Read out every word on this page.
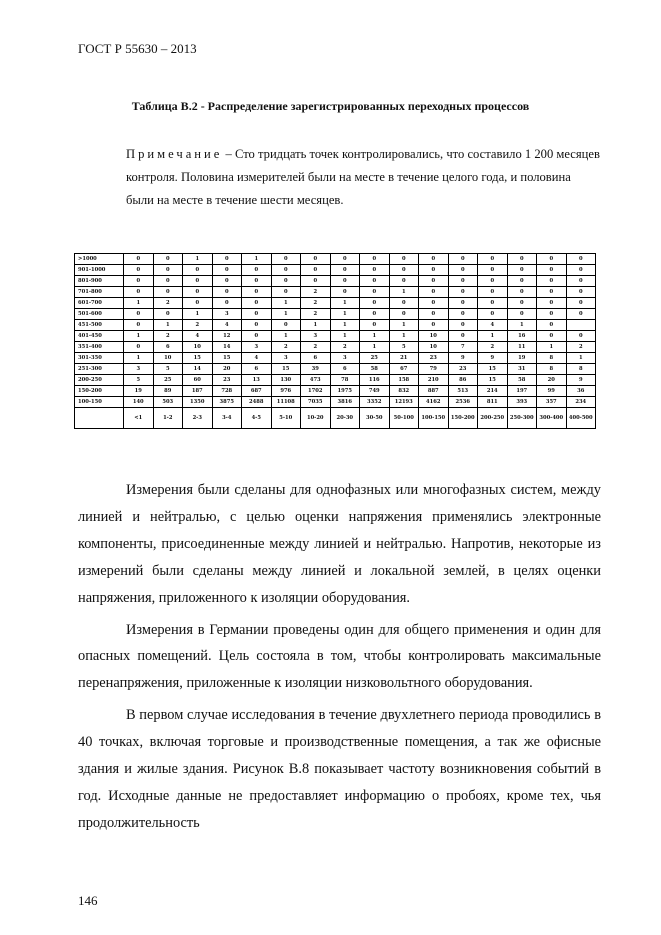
ГОСТ Р 55630 – 2013
Таблица В.2 - Распределение зарегистрированных переходных процессов
Примечание – Сто тридцать точек контролировались, что составило 1 200 месяцев контроля. Половина измерителей были на месте в течение целого года, и половина были на месте в течение шести месяцев.
>1000	0	0	1	0	1	0	0	0	0	0	0	0	0	0	0	0
901-1000	0	0	0	0	0	0	0	0	0	0	0	0	0	0	0	0
801-900	0	0	0	0	0	0	0	0	0	0	0	0	0	0	0	0
701-800	0	0	0	0	0	0	2	0	0	1	0	0	0	0	0	0
601-700	1	2	0	0	0	1	2	1	0	0	0	0	0	0	0	0
501-600	0	0	1	3	0	1	2	1	0	0	0	0	0	0	0	0
451-500	0	1	2	4	0	0	1	1	0	1	0	0	4	1	0	
401-450	1	2	4	12	0	1	3	1	1	1	10	0	1	16	0	0
351-400	0	6	10	14	3	2	2	2	1	5	10	7	2	11	1	2
301-350	1	10	15	15	4	3	6	3	25	21	23	9	9	19	8	1
251-300	3	5	14	20	6	15	39	6	58	67	79	23	15	31	8	8
200-250	5	25	60	23	13	130	473	78	116	158	210	86	15	58	20	9
150-200	19	89	187	728	687	976	1702	1975	749	832	887	513	214	197	99	36
100-150	140	503	1350	3875	2488	11108	7035	3816	3352	12193	4162	2536	811	393	357	234
	<1	1-2	2-3	3-4	4-5	5-10	10-20	20-30	30-50	50-100	100-150	150-200	200-250	250-300	300-400	400-500

Измерения были сделаны для однофазных или многофазных систем, между линией и нейтралью, с целью оценки напряжения применялись электронные компоненты, присоединенные между линией и нейтралью. Напротив, некоторые из измерений были сделаны между линией и локальной землей, в целях оценки напряжения, приложенного к изоляции оборудования.

Измерения в Германии проведены один для общего применения и один для опасных помещений. Цель состояла в том, чтобы контролировать максимальные перенапряжения, приложенные к изоляции низковольтного оборудования.

В первом случае исследования в течение двухлетнего периода проводились в 40 точках, включая торговые и производственные помещения, а так же офисные здания и жилые здания. Рисунок В.8 показывает частоту возникновения событий в год. Исходные данные не предоставляет информацию о пробоях, кроме тех, чья продолжительность

146
